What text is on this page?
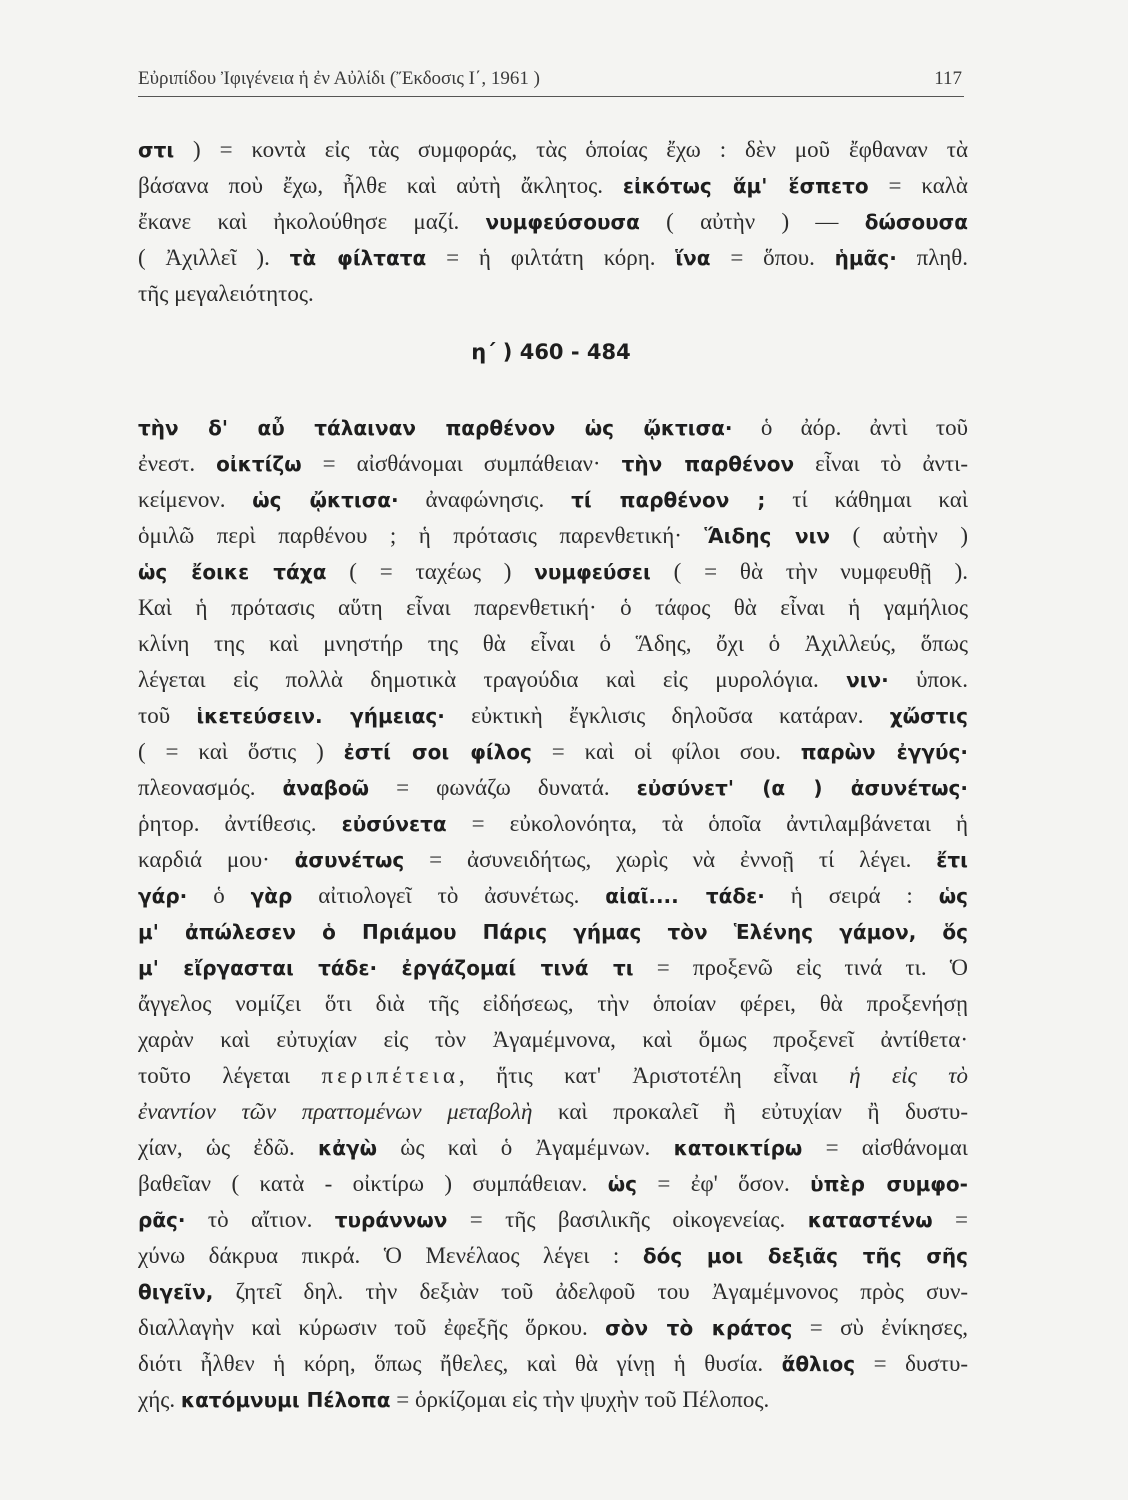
Εὐριπίδου Ἰφιγένεια ἡ ἐν Αὐλίδι (Ἔκδοσις Ι΄, 1961 )	117
στι ) = κοντὰ εἰς τὰς συμφοράς, τὰς ὁποίας ἔχω : δὲν μοῦ ἔφθαναν τὰ
βάσανα ποὺ ἔχω, ἦλθε καὶ αὐτὴ ἄκλητος. εἰκότως ἅμ' ἕσπετο = καλὰ
ἔκανε καὶ ἠκολούθησε μαζί. νυμφεύσουσα ( αὐτὴν ) — δώσουσα
( Ἀχιλλεῖ ). τὰ φίλτατα = ἡ φιλτάτη κόρη. ἵνα = ὅπου. ἡμᾶς· πληθ.
τῆς μεγαλειότητος.
η΄ ) 460 - 484
τὴν δ' αὖ τάλαιναν παρθένον ὡς ᾤκτισα· ὁ ἀόρ. ἀντὶ τοῦ
ἐνεστ. οἰκτίζω = αἰσθάνομαι συμπάθειαν· τὴν παρθένον εἶναι τὸ ἀντι-
κείμενον. ὡς ᾤκτισα· ἀναφώνησις. τί παρθένον ; τί κάθημαι καὶ
ὁμιλῶ περὶ παρθένου ; ἡ πρότασις παρενθετική· Ἅιδης νιν ( αὐτὴν )
ὡς ἔοικε τάχα ( = ταχέως ) νυμφεύσει ( = θὰ τὴν νυμφευθῇ ).
Καὶ ἡ πρότασις αὕτη εἶναι παρενθετική· ὁ τάφος θὰ εἶναι ἡ γαμήλιος
κλίνη της καὶ μνηστήρ της θὰ εἶναι ὁ Ἅδης, ὄχι ὁ Ἀχιλλεύς, ὅπως
λέγεται εἰς πολλὰ δημοτικὰ τραγούδια καὶ εἰς μυρολόγια. νιν· ὑποκ.
τοῦ ἱκετεύσειν. γήμειας· εὐκτικὴ ἔγκλισις δηλοῦσα κατάραν. χὤστις
( = καὶ ὅστις ) ἐστί σοι φίλος = καὶ οἱ φίλοι σου. παρὼν ἐγγύς·
πλεονασμός. ἀναβοῶ = φωνάζω δυνατά. εὐσύνετ' (α ) ἀσυνέτως·
ῥητορ. ἀντίθεσις. εὐσύνετα = εὐκολονόητα, τὰ ὁποῖα ἀντιλαμβάνεται ἡ
καρδιά μου· ἀσυνέτως = ἀσυνειδήτως, χωρὶς νὰ ἐννοῇ τί λέγει. ἔτι
γάρ· ὁ γὰρ αἰτιολογεῖ τὸ ἀσυνέτως. αἰαῖ.... τάδε· ἡ σειρά : ὡς
μ' ἀπώλεσεν ὁ Πριάμου Πάρις γήμας τὸν Ἑλένης γάμον, ὅς
μ' εἴργασται τάδε· ἐργάζομαί τινά τι = προξενῶ εἰς τινά τι. Ὁ
ἄγγελος νομίζει ὅτι διὰ τῆς εἰδήσεως, τὴν ὁποίαν φέρει, θὰ προξενήσῃ
χαρὰν καὶ εὐτυχίαν εἰς τὸν Ἀγαμέμνονα, καὶ ὅμως προξενεῖ ἀντίθετα·
τοῦτο λέγεται περιπέτεια, ἥτις κατ' Ἀριστοτέλη εἶναι ἡ εἰς τὸ
ἐναντίον τῶν πραττομένων μεταβολὴ καὶ προκαλεῖ ἢ εὐτυχίαν ἢ δυστυ-
χίαν, ὡς ἐδῶ. κἀγὼ ὡς καὶ ὁ Ἀγαμέμνων. κατοικτίρω = αἰσθάνομαι
βαθεῖαν ( κατὰ - οἰκτίρω ) συμπάθειαν. ὡς = ἐφ' ὅσον. ὑπὲρ συμφο-
ρᾶς· τὸ αἴτιον. τυράννων = τῆς βασιλικῆς οἰκογενείας. καταστένω =
χύνω δάκρυα πικρά. Ὁ Μενέλαος λέγει : δός μοι δεξιᾶς τῆς σῆς
θιγεῖν, ζητεῖ δηλ. τὴν δεξιὰν τοῦ ἀδελφοῦ του Ἀγαμέμνονος πρὸς συν-
διαλλαγὴν καὶ κύρωσιν τοῦ ἐφεξῆς ὅρκου. σὸν τὸ κράτος = σὺ ἐνίκησες,
διότι ἦλθεν ἡ κόρη, ὅπως ἤθελες, καὶ θὰ γίνῃ ἡ θυσία. ἄθλιος = δυστυ-
χής. κατόμνυμι Πέλοπα = ὁρκίζομαι εἰς τὴν ψυχὴν τοῦ Πέλοπος.
